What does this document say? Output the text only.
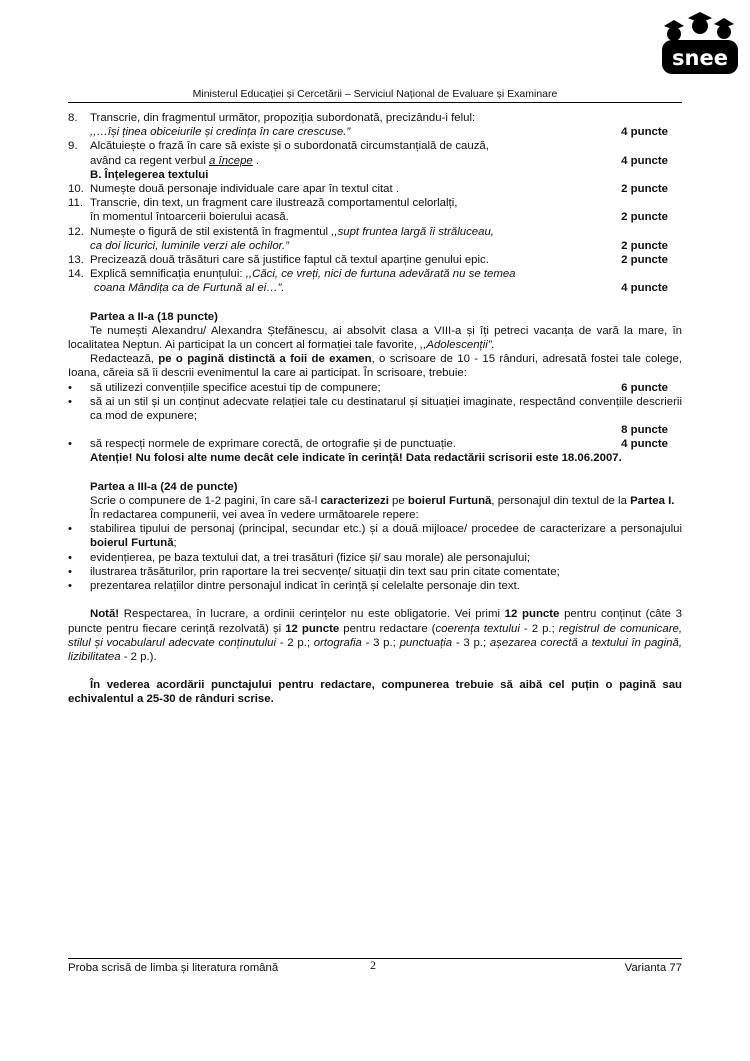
snee
Ministerul Educației și Cercetării – Serviciul Național de Evaluare și Examinare
8.	Transcrie, din fragmentul următor, propoziția subordonată, precizându-i felul:
,,…își ținea obiceiurile și credința în care crescuse.”	4 puncte
9.	Alcătuiește o frază în care să existe și o subordonată circumstanțială de cauză,
având ca regent verbul a începe .	4 puncte
B. Înțelegerea textului
10. Numește două personaje individuale care apar în textul citat .	2 puncte
11. Transcrie, din text, un fragment care ilustrează comportamentul celorlalți,
în momentul întoarcerii boierului acasă.	2 puncte
12. Numește o figură de stil existentă în fragmentul ,,supt fruntea largă îi străluceau,
ca doi licurici, luminile verzi ale ochilor.”	2 puncte
13. Precizează două trăsături care să justifice faptul că textul aparține genului epic.	2 puncte
14. Explică semnificația enunțului: ,,Căci, ce vreți, nici de furtuna adevărată nu se temea
coana Mândița ca de Furtună al ei…”.	4 puncte

Partea a II-a (18 puncte)

Te numești Alexandru/ Alexandra Ștefănescu, ai absolvit clasa a VIII-a și îți petreci vacanța de vară la mare, în localitatea Neptun. Ai participat la un concert al formației tale favorite, ,,Adolescenții”.

Redactează, pe o pagină distinctă a foii de examen, o scrisoare de 10 - 15 rânduri, adresată fostei tale colege, Ioana, căreia să îi descrii evenimentul la care ai participat. În scrisoare, trebuie:

•	să utilizezi convențiile specifice acestui tip de compunere;	6 puncte
•	să ai un stil și un conținut adecvate relației tale cu destinatarul și situației imaginate, respectând convențiile descrierii ca mod de expunere;
8 puncte
•	să respecți normele de exprimare corectă, de ortografie și de punctuație.	4 puncte

Atenție! Nu folosi alte nume decât cele indicate în cerință! Data redactării scrisorii este 18.06.2007.

Partea a III-a (24 de puncte)

Scrie o compunere de 1-2 pagini, în care să-l caracterizezi pe boierul Furtună, personajul din textul de la Partea I.

În redactarea compunerii, vei avea în vedere următoarele repere:

•	stabilirea tipului de personaj (principal, secundar etc.) și a două mijloace/ procedee de caracterizare a personajului boierul Furtună;
•	evidențierea, pe baza textului dat, a trei trasături (fizice și/ sau morale) ale personajului;
•	ilustrarea trăsăturilor, prin raportare la trei secvențe/ situații din text sau prin citate comentate;
•	prezentarea relațiilor dintre personajul indicat în cerință și celelalte personaje din text.

Notă! Respectarea, în lucrare, a ordinii cerințelor nu este obligatorie. Vei primi 12 puncte pentru conținut (câte 3 puncte pentru fiecare cerință rezolvată) și 12 puncte pentru redactare (coerența textului - 2 p.; registrul de comunicare, stilul și vocabularul adecvate conținutului - 2 p.; ortografia - 3 p.; punctuația - 3 p.; așezarea corectă a textului în pagină, lizibilitatea - 2 p.).

În vederea acordării punctajului pentru redactare, compunerea trebuie să aibă cel puțin o pagină sau echivalentul a 25-30 de rânduri scrise.

Proba scrisă de limba și literatura română	2	Varianta 77
